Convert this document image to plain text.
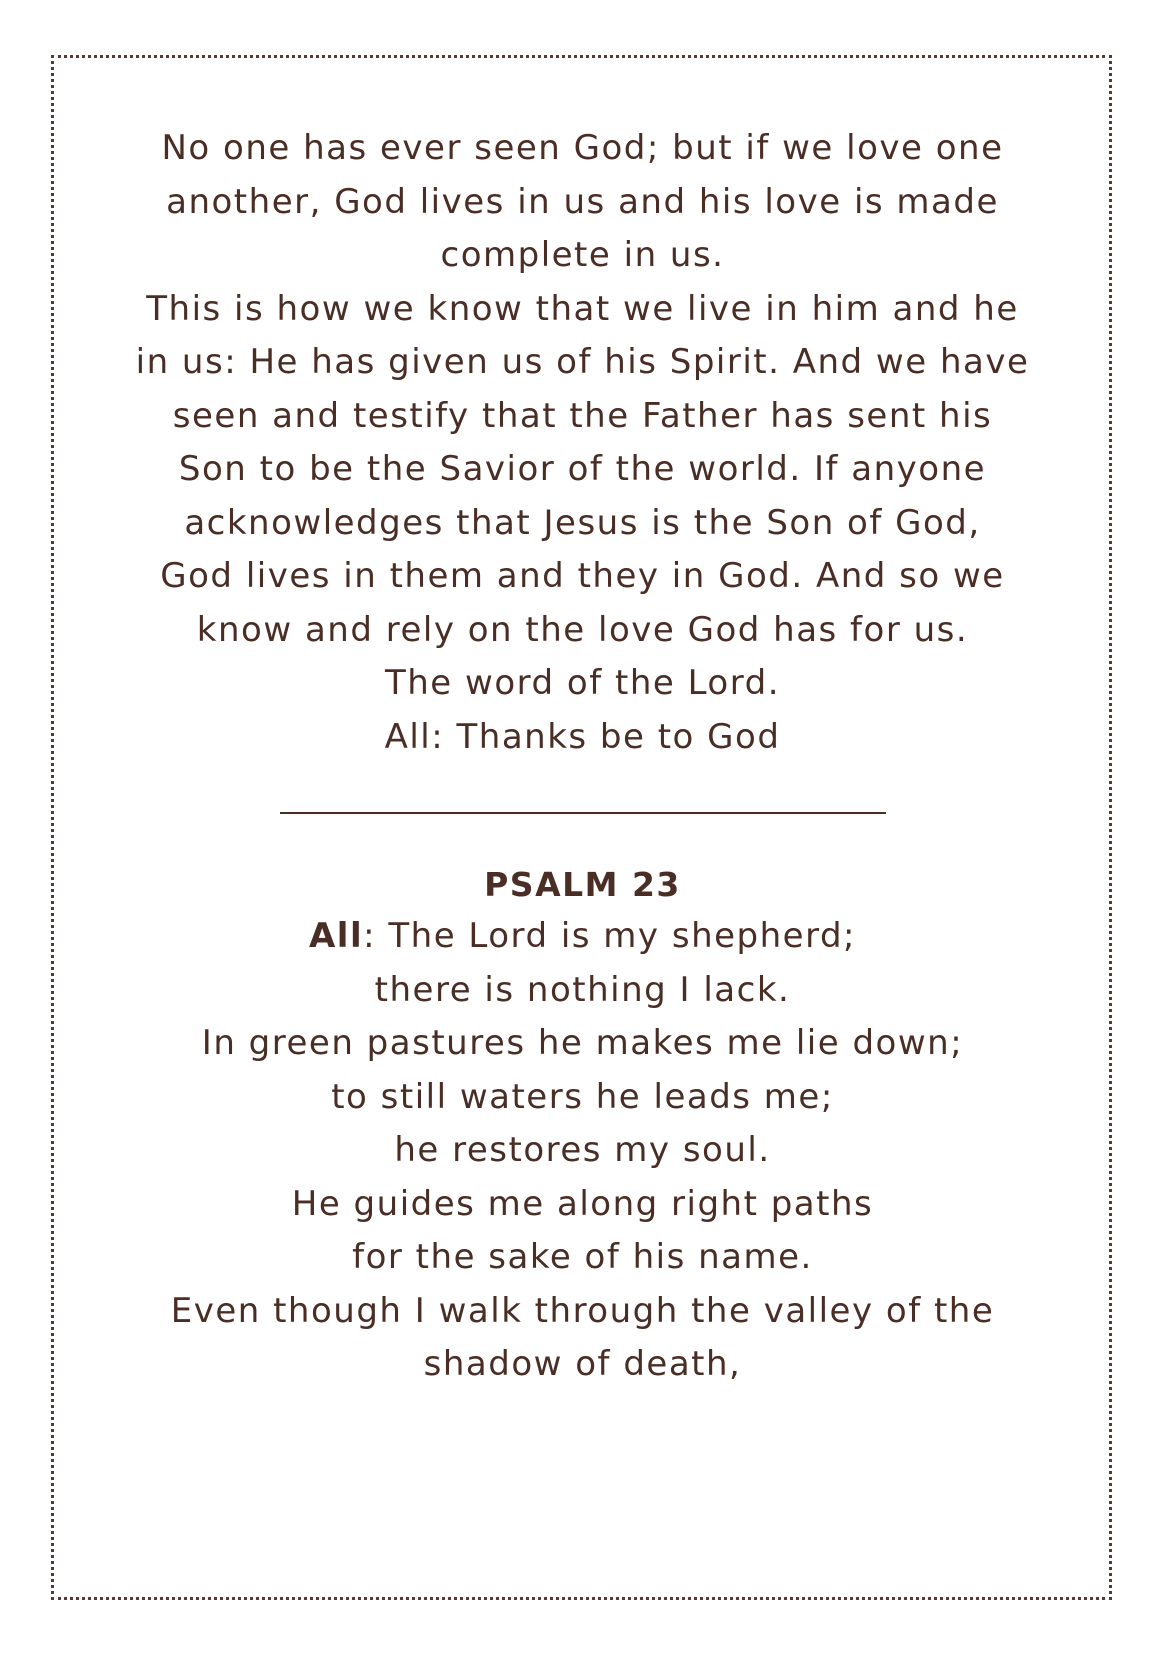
No one has ever seen God; but if we love one

another, God lives in us and his love is made

complete in us.

This is how we know that we live in him and he

in us: He has given us of his Spirit. And we have

seen and testify that the Father has sent his

Son to be the Savior of the world. If anyone

acknowledges that Jesus is the Son of God,

God lives in them and they in God. And so we

know and rely on the love God has for us.

The word of the Lord.

All: Thanks be to God

PSALM 23

All: The Lord is my shepherd;

there is nothing I lack.

In green pastures he makes me lie down;

to still waters he leads me;

he restores my soul.

He guides me along right paths

for the sake of his name.

Even though I walk through the valley of the

shadow of death,
